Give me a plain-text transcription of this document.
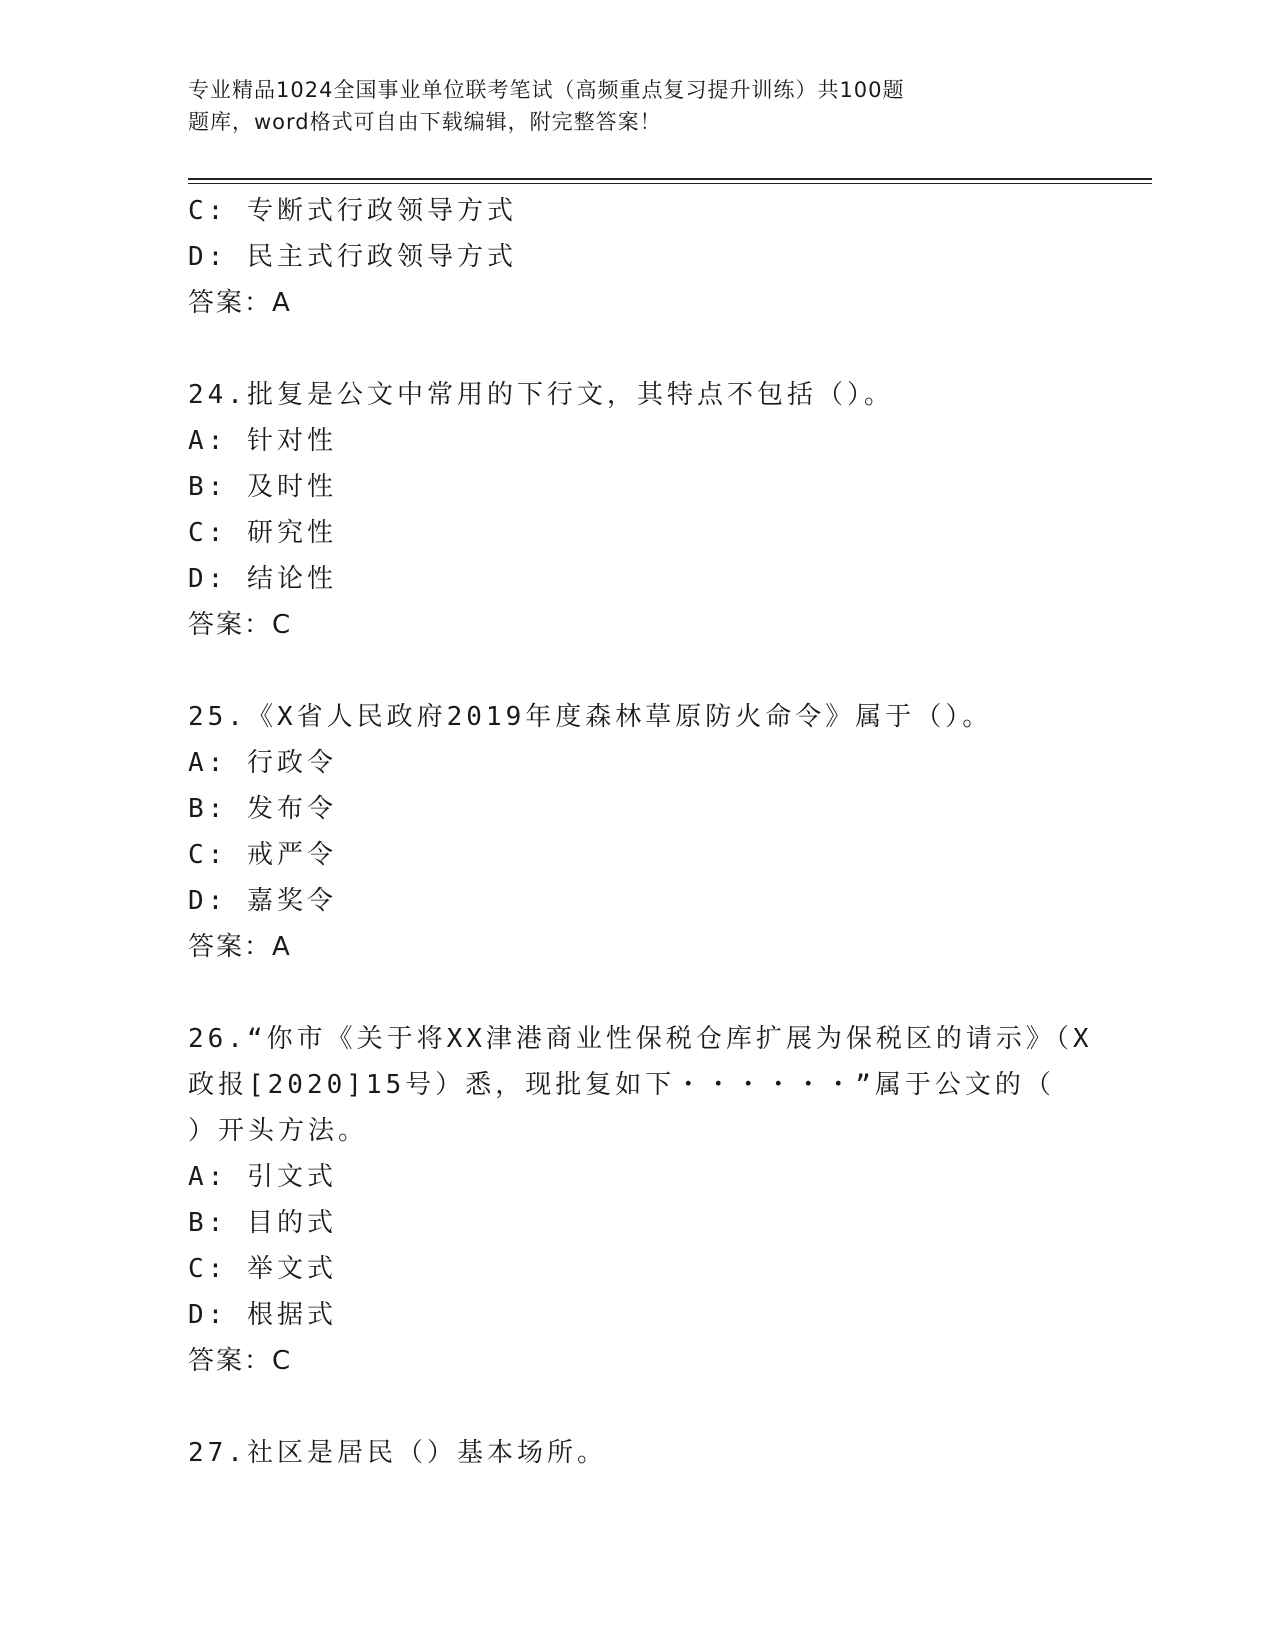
专业精品1024全国事业单位联考笔试（高频重点复习提升训练）共100题

题库，word格式可自由下载编辑，附完整答案！

C: 专断式行政领导方式
D: 民主式行政领导方式
答案：A
24.批复是公文中常用的下行文，其特点不包括（）。
A: 针对性
B: 及时性
C: 研究性
D: 结论性
答案：C
25.《X省人民政府2019年度森林草原防火命令》属于（）。
A: 行政令
B: 发布令
C: 戒严令
D: 嘉奖令
答案：A
26.“你市《关于将XX津港商业性保税仓库扩展为保税区的请示》（X
政报[2020]15号）悉，现批复如下・・・・・・”属于公文的（
）开头方法。
A: 引文式
B: 目的式
C: 举文式
D: 根据式
答案：C
27.社区是居民（）基本场所。
